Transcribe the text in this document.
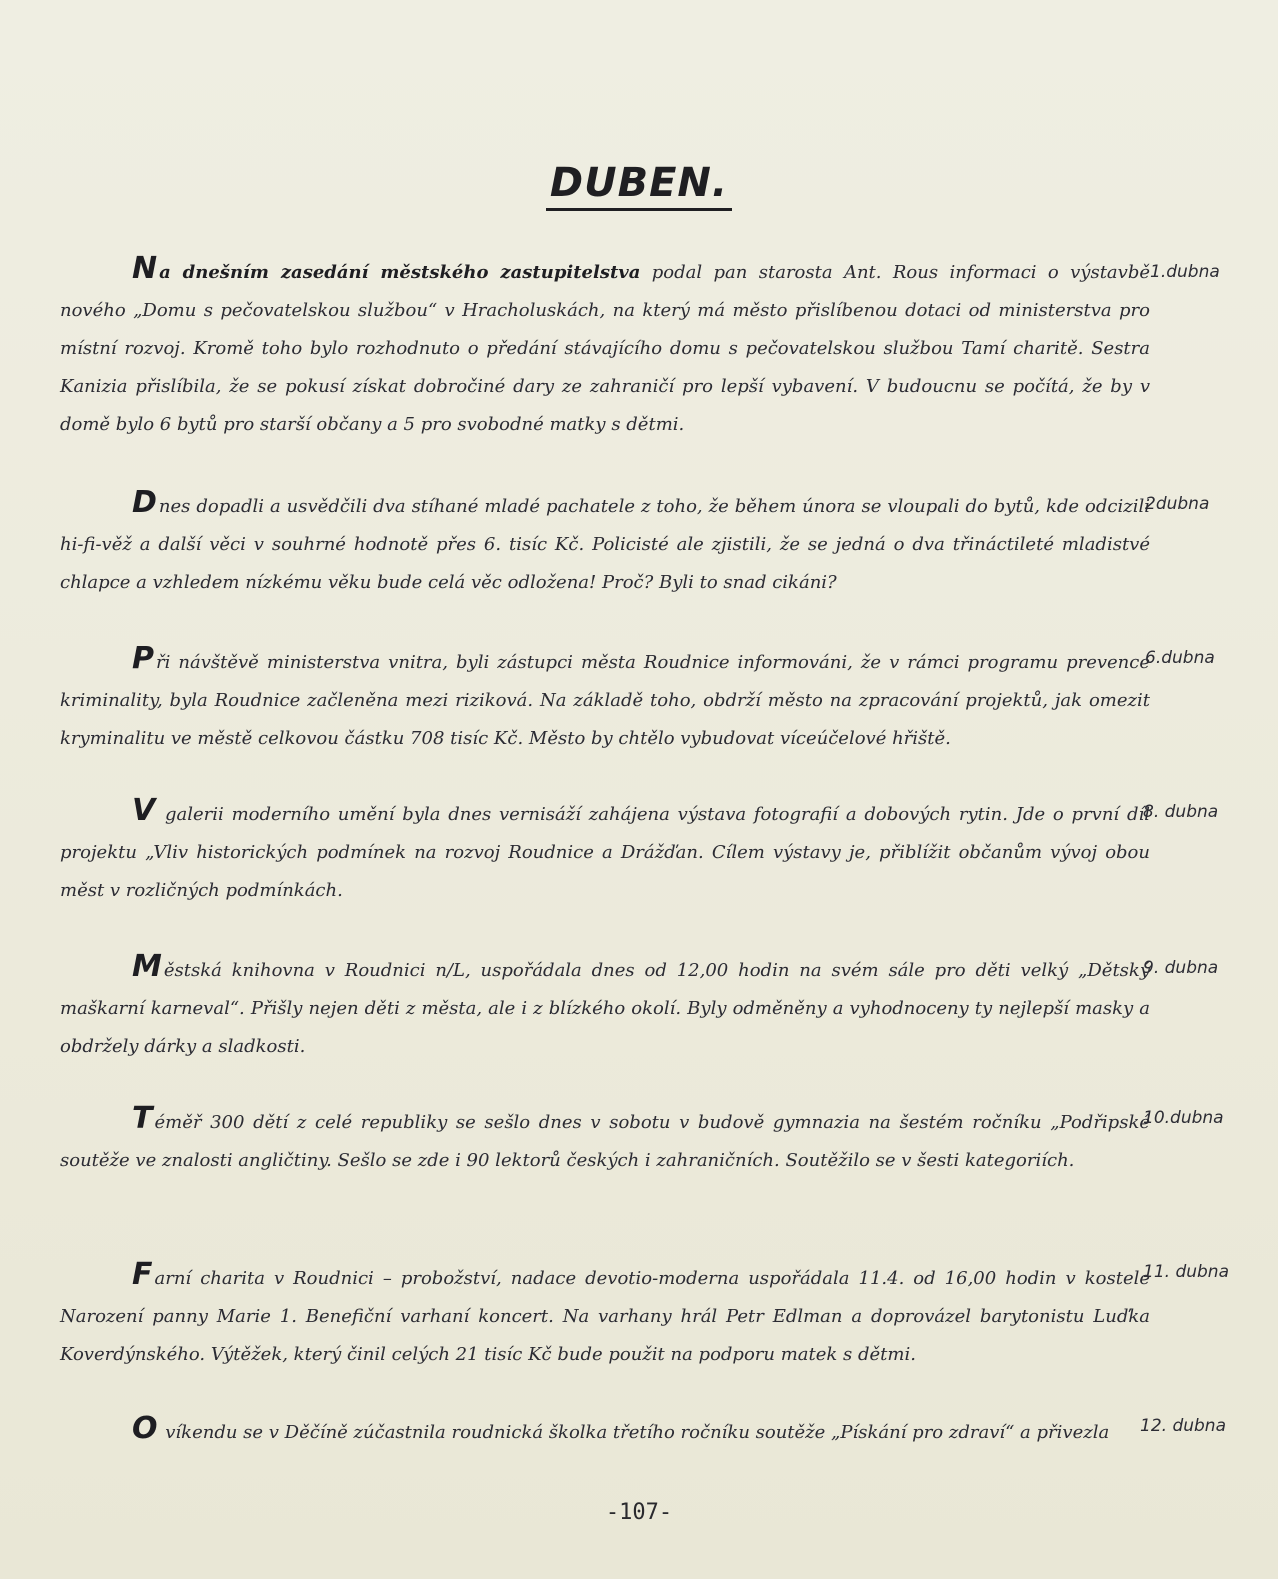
DUBEN.
Na dnešním zasedání městského zastupitelstva podal pan starosta Ant. Rous informaci o výstavbě nového „Domu s pečovatelskou službou“ v Hracholuskách, na který má město přislíbenou dotaci od ministerstva pro místní rozvoj. Kromě toho bylo rozhodnuto o předání stávajícího domu s pečovatelskou službou Tamí charitě. Sestra Kanizia přislíbila, že se pokusí získat dobročiné dary ze zahraničí pro lepší vybavení. V budoucnu se počítá, že by v domě bylo 6 bytů pro starší občany a 5 pro svobodné matky s dětmi.
1.dubna
Dnes dopadli a usvědčili dva stíhané mladé pachatele z toho, že během února se vloupali do bytů, kde odcizili hi-fi-věž a další věci v souhrné hodnotě přes 6. tisíc Kč. Policisté ale zjistili, že se jedná o dva třináctileté mladistvé chlapce a vzhledem nízkému věku bude celá věc odložena! Proč? Byli to snad cikáni?
2dubna
Při návštěvě ministerstva vnitra, byli zástupci města Roudnice informováni, že v rámci programu prevence kriminality, byla Roudnice začleněna mezi riziková. Na základě toho, obdrží město na zpracování projektů, jak omezit kryminalitu ve městě celkovou částku 708 tisíc Kč. Město by chtělo vybudovat víceúčelové hřiště.
6.dubna
V galerii moderního umění byla dnes vernisáží zahájena výstava fotografií a dobových rytin. Jde o první díl projektu „Vliv historických podmínek na rozvoj Roudnice a Drážďan. Cílem výstavy je, přiblížit občanům vývoj obou měst v rozličných podmínkách.
8. dubna
Městská knihovna v Roudnici n/L, uspořádala dnes od 12,00 hodin na svém sále pro děti velký „Dětský maškarní karneval“. Přišly nejen děti z města, ale i z blízkého okolí. Byly odměněny a vyhodnoceny ty nejlepší masky a obdržely dárky a sladkosti.
9. dubna
Téměř 300 dětí z celé republiky se sešlo dnes v sobotu v budově gymnazia na šestém ročníku „Podřipské soutěže ve znalosti angličtiny. Sešlo se zde i 90 lektorů českých i zahraničních. Soutěžilo se v šesti kategoriích.
10.dubna
Farní charita v Roudnici – probožství, nadace devotio-moderna uspořádala 11.4. od 16,00 hodin v kostele Narození panny Marie 1. Benefiční varhaní koncert. Na varhany hrál Petr Edlman a doprovázel barytonistu Luďka Koverdýnského. Výtěžek, který činil celých 21 tisíc Kč bude použit na podporu matek s dětmi.
11. dubna
O víkendu se v Děčíně zúčastnila roudnická školka třetího ročníku soutěže „Pískání pro zdraví“ a přivezla	12. dubna
-107-
